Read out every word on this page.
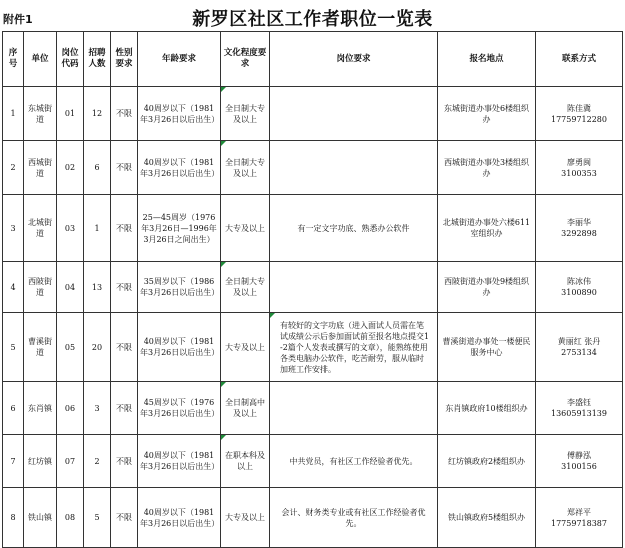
附件1	新罗区社区工作者职位一览表
序号	单位	岗位代码	招聘人数	性别要求	年龄要求	文化程度要求	岗位要求	报名地点	联系方式
1	东城街道	01	12	不限	40周岁以下（1981年3月26日以后出生）	全日制大专及以上		东城街道办事处6楼组织办	陈佳冀
17759712280
2	西城街道	02	6	不限	40周岁以下（1981年3月26日以后出生）	全日制大专及以上		西城街道办事处3楼组织办	廖勇闽
3100353
3	北城街道	03	1	不限	25—45周岁（1976年3月26日—1996年3月26日之间出生）	大专及以上	有一定文字功底、熟悉办公软件	北城街道办事处六楼611室组织办	李丽华
3292898
4	西陂街道	04	13	不限	35周岁以下（1986年3月26日以后出生）	全日制大专及以上		西陂街道办事处9楼组织办	陈冰伟
3100890
5	曹溪街道	05	20	不限	40周岁以下（1981年3月26日以后出生）	大专及以上	有较好的文字功底（进入面试人员需在笔试成绩公示后参加面试前至报名地点提交1-2篇个人发表或撰写的文章），能熟练使用各类电脑办公软件，吃苦耐劳，服从临时加班工作安排。	曹溪街道办事处一楼便民服务中心	黄丽红 张丹
2753134
6	东肖镇	06	3	不限	45周岁以下（1976年3月26日以后出生）	全日制高中及以上		东肖镇政府10楼组织办	李盛钰
13605913139
7	红坊镇	07	2	不限	40周岁以下（1981年3月26日以后出生）	在职本科及以上	中共党员，有社区工作经验者优先。	红坊镇政府2楼组织办	傅静泓
3100156
8	铁山镇	08	5	不限	40周岁以下（1981年3月26日以后出生）	大专及以上	会计、财务类专业或有社区工作经验者优先。	铁山镇政府5楼组织办	郑祥平
17759718387
